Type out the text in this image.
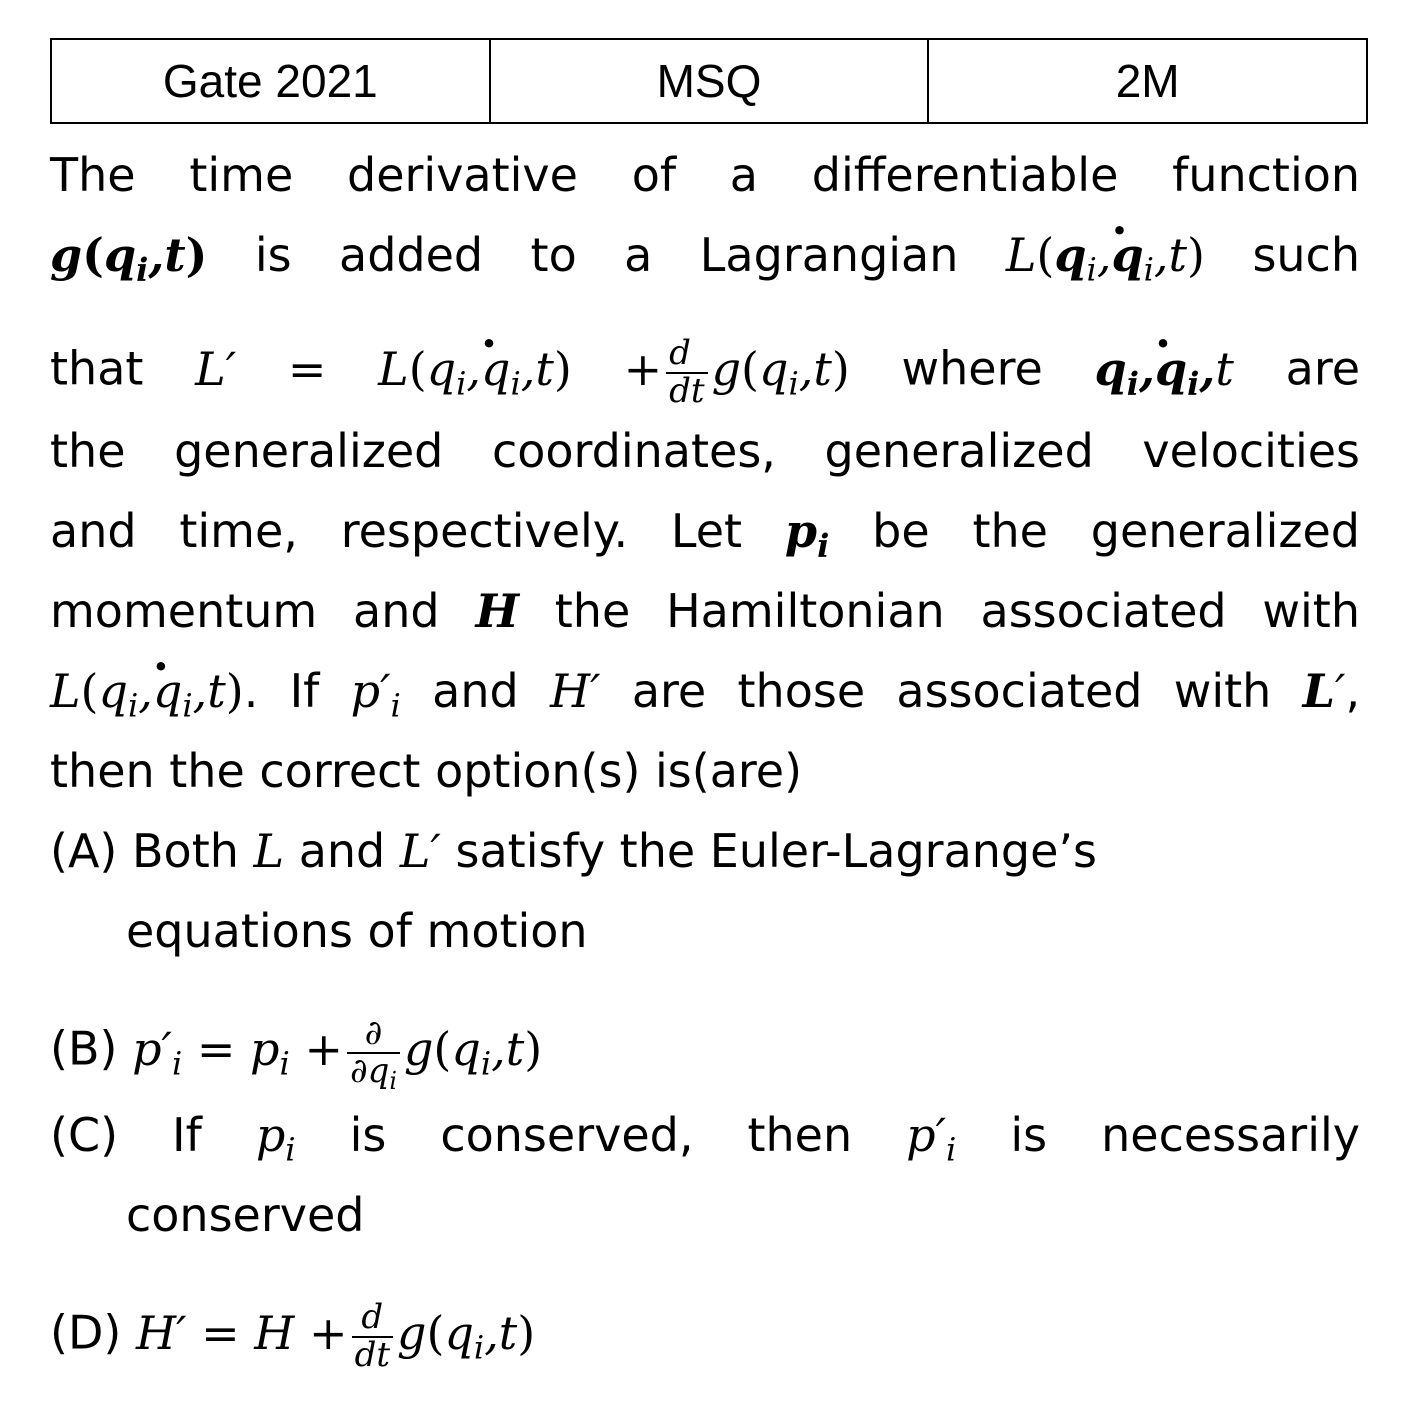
Gate 2021	MSQ	2M
The time derivative of a differentiable function
$g(q_i,t)$ is added to a Lagrangian $L(q_i,\cdot q_i,t)$ such
that $L' = L(q_i,\cdot q_i,t) + \frac{d}{dt} g(q_i,t)$ where $q_i,\cdot q_i,t$ are
the generalized coordinates, generalized velocities
and time, respectively. Let $p_i$ be the generalized
momentum and H the Hamiltonian associated with
$L(q_i,\cdot q_i,t)$. If $p'_i$ and H′ are those associated with L′,
then the correct option(s) is(are)
(A) Both L and L′ satisfy the Euler-Lagrange’s
equations of motion
(B) $p'_i = p_i + \frac{\partial}{\partial q_i} g(q_i,t)$
(C) If $p_i$ is conserved, then $p'_i$ is necessarily
conserved
(D) $H' = H + \frac{d}{dt} g(q_i,t)$
